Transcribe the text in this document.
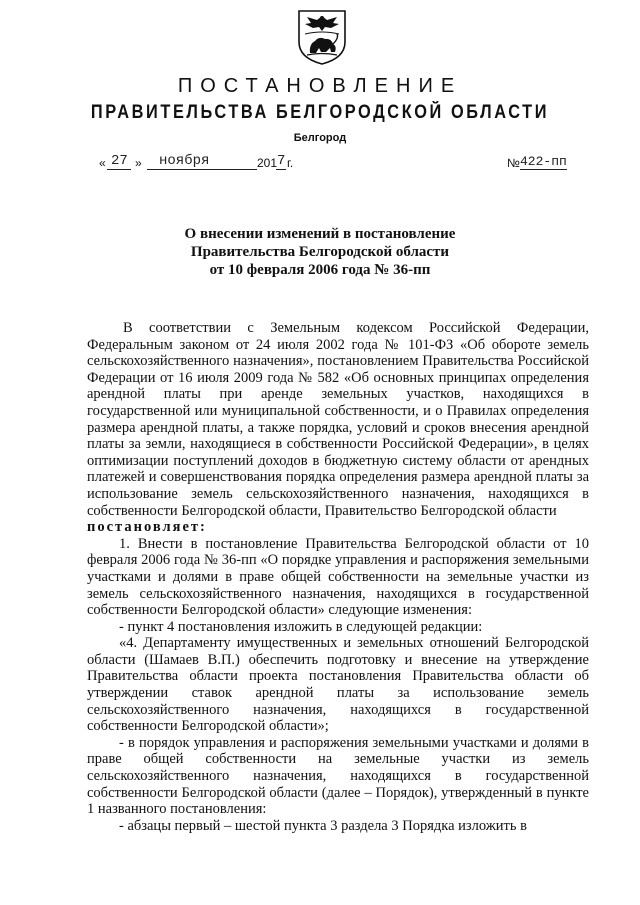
ПОСТАНОВЛЕНИЕ
ПРАВИТЕЛЬСТВА БЕЛГОРОДСКОЙ ОБЛАСТИ
Белгород
« 27 » ноября	201 7 г.	№ 422-пп
О внесении изменений в постановление
Правительства Белгородской области
от 10 февраля 2006 года № 36-пп

В соответствии с Земельным кодексом Российской Федерации, Федеральным законом от 24 июля 2002 года № 101-ФЗ «Об обороте земель сельскохозяйственного назначения», постановлением Правительства Российской Федерации от 16 июля 2009 года № 582 «Об основных принципах определения арендной платы при аренде земельных участков, находящихся в государственной или муниципальной собственности, и о Правилах определения размера арендной платы, а также порядка, условий и сроков внесения арендной платы за земли, находящиеся в собственности Российской Федерации», в целях оптимизации поступлений доходов в бюджетную систему области от арендных платежей и совершенствования порядка определения размера арендной платы за использование земель сельскохозяйственного назначения, находящихся в собственности Белгородской области, Правительство Белгородской области

постановляет:

1. Внести в постановление Правительства Белгородской области от 10 февраля 2006 года № 36-пп «О порядке управления и распоряжения земельными участками и долями в праве общей собственности на земельные участки из земель сельскохозяйственного назначения, находящихся в государственной собственности Белгородской области» следующие изменения:

- пункт 4 постановления изложить в следующей редакции:

«4. Департаменту имущественных и земельных отношений Белгородской области (Шамаев В.П.) обеспечить подготовку и внесение на утверждение Правительства области проекта постановления Правительства области об утверждении ставок арендной платы за использование земель сельскохозяйственного назначения, находящихся в государственной собственности Белгородской области»;

- в порядок управления и распоряжения земельными участками и долями в праве общей собственности на земельные участки из земель сельскохозяйственного назначения, находящихся в государственной собственности Белгородской области (далее – Порядок), утвержденный в пункте 1 названного постановления:

- абзацы первый – шестой пункта 3 раздела 3 Порядка изложить в
